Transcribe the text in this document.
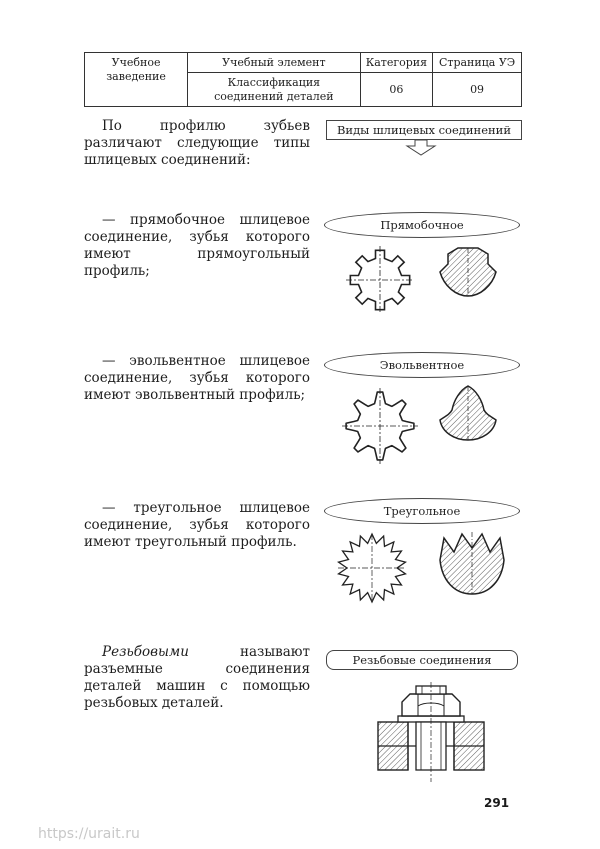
Учебное заведение	Учебный элемент	Категория	Страница УЭ
	Классификация соединений деталей	06	09
По профилю зубьев различают следующие типы шлицевых соединений:
Виды шлицевых соединений
— прямобочное шлицевое соединение, зубья которого имеют прямоугольный профиль;
Прямобочное
— эвольвентное шлицевое соединение, зубья которого имеют эвольвентный профиль;
Эвольвентное
— треугольное шлицевое соединение, зубья которого имеют треугольный профиль.
Треугольное
Резьбовыми называют разъемные соединения деталей машин с помощью резьбовых деталей.
Резьбовые соединения
291
https://urait.ru
